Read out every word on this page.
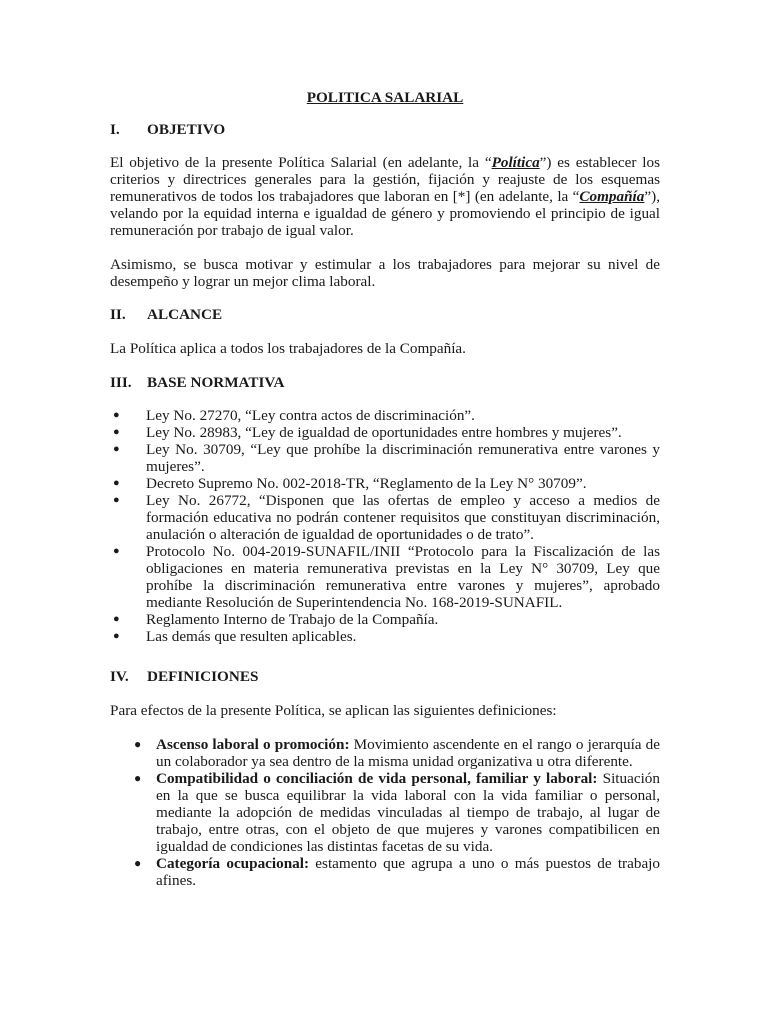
POLITICA SALARIAL
I. OBJETIVO

El objetivo de la presente Política Salarial (en adelante, la “Política”) es establecer los criterios y directrices generales para la gestión, fijación y reajuste de los esquemas remunerativos de todos los trabajadores que laboran en [*] (en adelante, la “Compañía”), velando por la equidad interna e igualdad de género y promoviendo el principio de igual remuneración por trabajo de igual valor.

Asimismo, se busca motivar y estimular a los trabajadores para mejorar su nivel de desempeño y lograr un mejor clima laboral.

II. ALCANCE

La Política aplica a todos los trabajadores de la Compañía.

III. BASE NORMATIVA
● Ley No. 27270, “Ley contra actos de discriminación”.
● Ley No. 28983, “Ley de igualdad de oportunidades entre hombres y mujeres”.
● Ley No. 30709, “Ley que prohíbe la discriminación remunerativa entre varones y mujeres”.
● Decreto Supremo No. 002-2018-TR, “Reglamento de la Ley N° 30709”.
● Ley No. 26772, “Disponen que las ofertas de empleo y acceso a medios de formación educativa no podrán contener requisitos que constituyan discriminación, anulación o alteración de igualdad de oportunidades o de trato”.
● Protocolo No. 004-2019-SUNAFIL/INII “Protocolo para la Fiscalización de las obligaciones en materia remunerativa previstas en la Ley N° 30709, Ley que prohíbe la discriminación remunerativa entre varones y mujeres”, aprobado mediante Resolución de Superintendencia No. 168-2019-SUNAFIL.
● Reglamento Interno de Trabajo de la Compañía.
● Las demás que resulten aplicables.
IV. DEFINICIONES

Para efectos de la presente Política, se aplican las siguientes definiciones:

● Ascenso laboral o promoción: Movimiento ascendente en el rango o jerarquía de un colaborador ya sea dentro de la misma unidad organizativa u otra diferente.
● Compatibilidad o conciliación de vida personal, familiar y laboral: Situación en la que se busca equilibrar la vida laboral con la vida familiar o personal, mediante la adopción de medidas vinculadas al tiempo de trabajo, al lugar de trabajo, entre otras, con el objeto de que mujeres y varones compatibilicen en igualdad de condiciones las distintas facetas de su vida.
● Categoría ocupacional: estamento que agrupa a uno o más puestos de trabajo afines.
